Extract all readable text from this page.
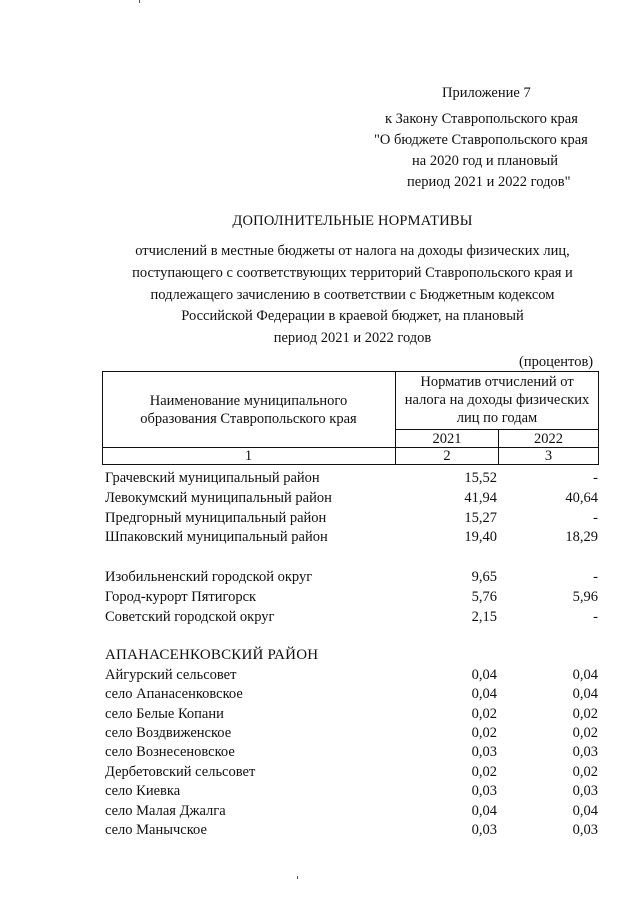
Приложение 7
к Закону Ставропольского края
"О бюджете Ставропольского края
на 2020 год и плановый
период 2021 и 2022 годов"
ДОПОЛНИТЕЛЬНЫЕ НОРМАТИВЫ
отчислений в местные бюджеты от налога на доходы физических лиц,
поступающего с соответствующих территорий Ставропольского края и
подлежащего зачислению в соответствии с Бюджетным кодексом
Российской Федерации в краевой бюджет, на плановый
период 2021 и 2022 годов
(процентов)
Наименование муниципального
образования Ставропольского края
Норматив отчислений от
налога на доходы физических
лиц по годам
2021	2022
1	2	3
Грачевский муниципальный район	15,52	-
Левокумский муниципальный район	41,94	40,64
Предгорный муниципальный район	15,27	-
Шпаковский муниципальный район	19,40	18,29
Изобильненский городской округ	9,65	-
Город-курорт Пятигорск	5,76	5,96
Советский городской округ	2,15	-
АПАНАСЕНКОВСКИЙ РАЙОН
Айгурский сельсовет	0,04	0,04
село Апанасенковское	0,04	0,04
село Белые Копани	0,02	0,02
село Воздвиженское	0,02	0,02
село Вознесеновское	0,03	0,03
Дербетовский сельсовет	0,02	0,02
село Киевка	0,03	0,03
село Малая Джалга	0,04	0,04
село Манычское	0,03	0,03
